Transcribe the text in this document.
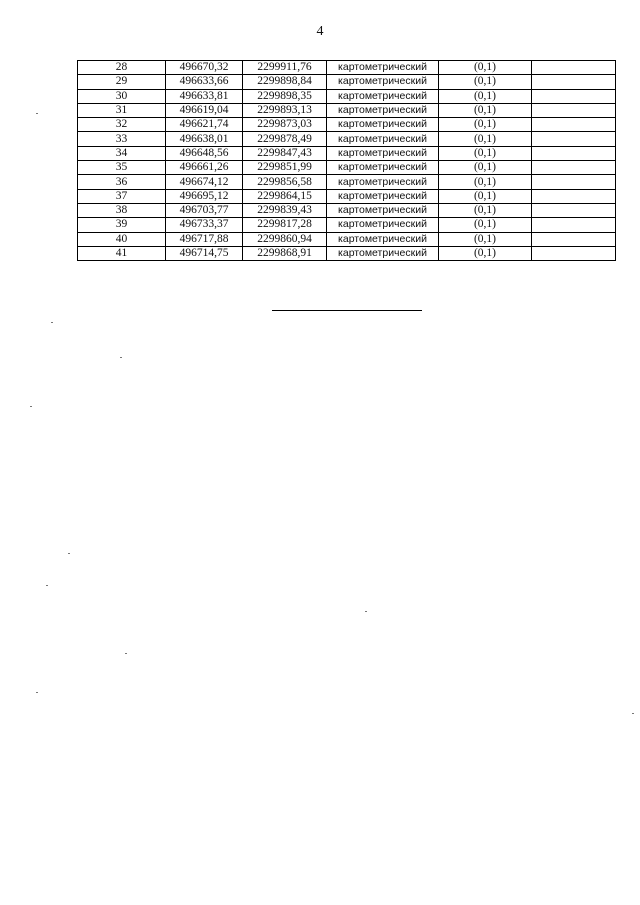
4
28	496670,32	2299911,76	картометрический	(0,1)	
29	496633,66	2299898,84	картометрический	(0,1)	
30	496633,81	2299898,35	картометрический	(0,1)	
31	496619,04	2299893,13	картометрический	(0,1)	
32	496621,74	2299873,03	картометрический	(0,1)	
33	496638,01	2299878,49	картометрический	(0,1)	
34	496648,56	2299847,43	картометрический	(0,1)	
35	496661,26	2299851,99	картометрический	(0,1)	
36	496674,12	2299856,58	картометрический	(0,1)	
37	496695,12	2299864,15	картометрический	(0,1)	
38	496703,77	2299839,43	картометрический	(0,1)	
39	496733,37	2299817,28	картометрический	(0,1)	
40	496717,88	2299860,94	картометрический	(0,1)	
41	496714,75	2299868,91	картометрический	(0,1)	
